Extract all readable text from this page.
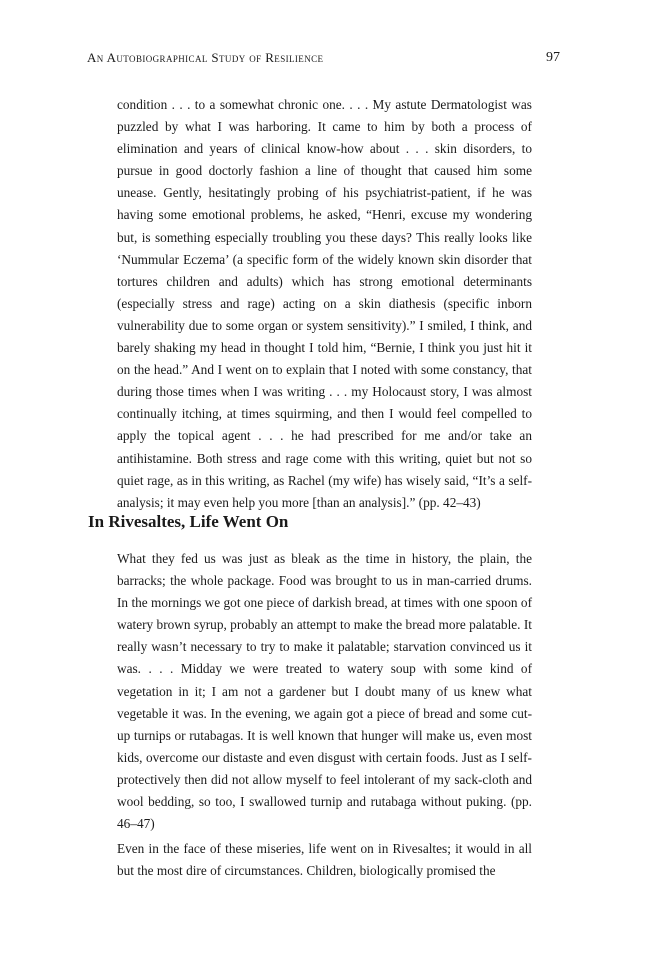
An Autobiographical Study of Resilience	97

condition . . . to a somewhat chronic one. . . . My astute Dermatologist was puzzled by what I was harboring. It came to him by both a process of elimination and years of clinical know-how about . . . skin disorders, to pursue in good doctorly fashion a line of thought that caused him some unease. Gently, hesitatingly probing of his psychiatrist-patient, if he was having some emotional problems, he asked, “Henri, excuse my wondering but, is something especially troubling you these days? This really looks like ‘Nummular Eczema’ (a specific form of the widely known skin disorder that tortures children and adults) which has strong emotional determinants (especially stress and rage) acting on a skin diathesis (specific inborn vulnerability due to some organ or system sensitivity).” I smiled, I think, and barely shaking my head in thought I told him, “Bernie, I think you just hit it on the head.” And I went on to explain that I noted with some constancy, that during those times when I was writing . . . my Holocaust story, I was almost continually itching, at times squirming, and then I would feel compelled to apply the topical agent . . . he had prescribed for me and/or take an antihistamine. Both stress and rage come with this writing, quiet but not so quiet rage, as in this writing, as Rachel (my wife) has wisely said, “It’s a self-analysis; it may even help you more [than an analysis].” (pp. 42–43)

In Rivesaltes, Life Went On

What they fed us was just as bleak as the time in history, the plain, the barracks; the whole package. Food was brought to us in man-carried drums. In the mornings we got one piece of darkish bread, at times with one spoon of watery brown syrup, probably an attempt to make the bread more palatable. It really wasn’t necessary to try to make it palatable; starvation convinced us it was. . . . Midday we were treated to watery soup with some kind of vegetation in it; I am not a gardener but I doubt many of us knew what vegetable it was. In the evening, we again got a piece of bread and some cut-up turnips or rutabagas. It is well known that hunger will make us, even most kids, overcome our distaste and even disgust with certain foods. Just as I self-protectively then did not allow myself to feel intolerant of my sack-cloth and wool bedding, so too, I swallowed turnip and rutabaga without puking. (pp. 46–47)

Even in the face of these miseries, life went on in Rivesaltes; it would in all but the most dire of circumstances. Children, biologically promised the
